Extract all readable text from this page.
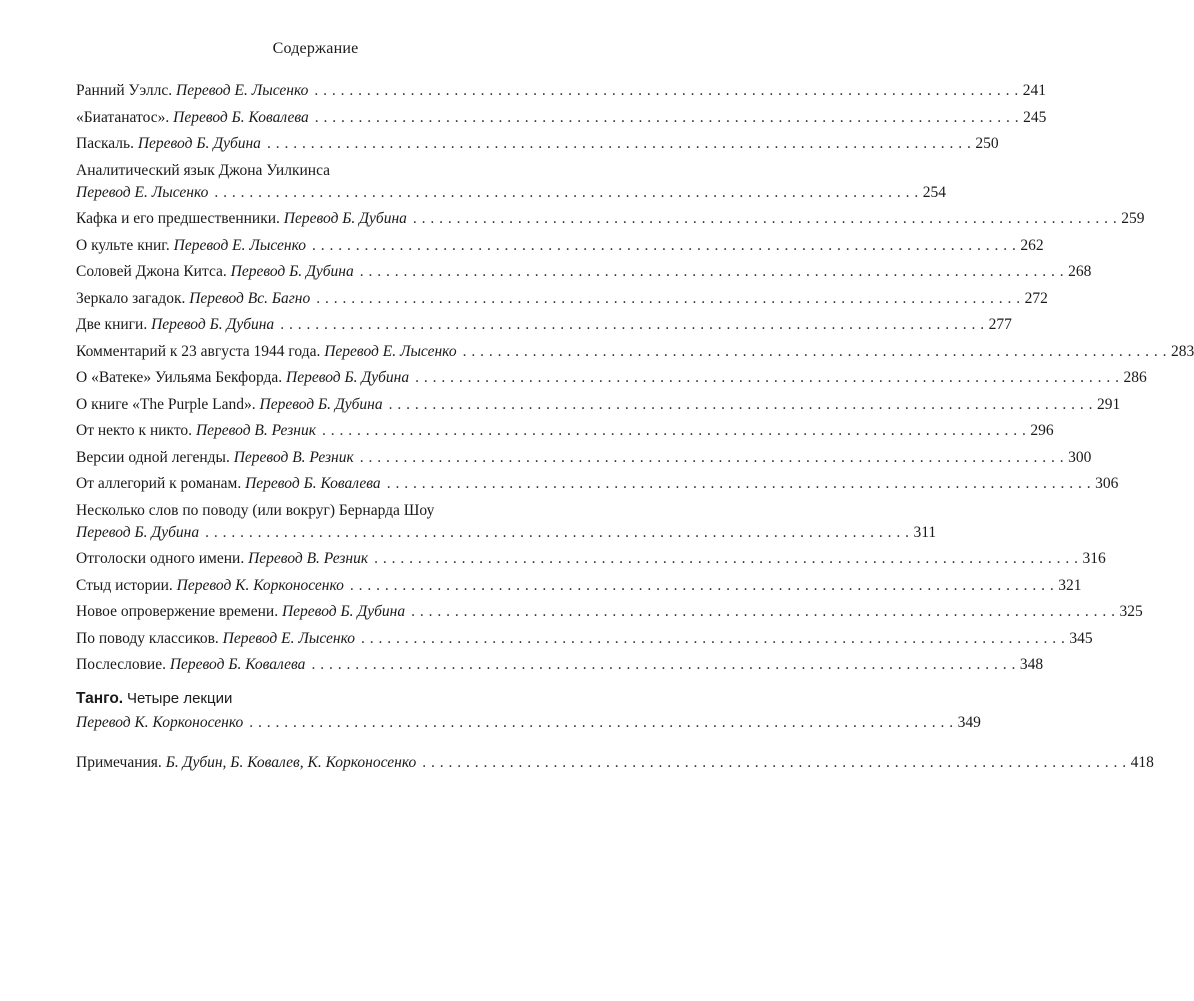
Содержание
Ранний Уэллс. Перевод Е. Лысенко . . .	241
«Биатанатос». Перевод Б. Ковалева . . .	245
Паскаль. Перевод Б. Дубина . . .	250
Аналитический язык Джона Уилкинса
Перевод Е. Лысенко . . .	254
Кафка и его предшественники. Перевод Б. Дубина . . .	259
О культе книг. Перевод Е. Лысенко . . .	262
Соловей Джона Китса. Перевод Б. Дубина . . .	268
Зеркало загадок. Перевод Вс. Багно . . .	272
Две книги. Перевод Б. Дубина . . .	277
Комментарий к 23 августа 1944 года. Перевод Е. Лысенко . . .	283
О «Ватеке» Уильяма Бекфорда. Перевод Б. Дубина . . .	286
О книге «The Purple Land». Перевод Б. Дубина . . .	291
От некто к никто. Перевод В. Резник . . .	296
Версии одной легенды. Перевод В. Резник . . .	300
От аллегорий к романам. Перевод Б. Ковалева . . .	306
Несколько слов по поводу (или вокруг) Бернарда Шоу
Перевод Б. Дубина . . .	311
Отголоски одного имени. Перевод В. Резник . . .	316
Стыд истории. Перевод К. Корконосенко . . .	321
Новое опровержение времени. Перевод Б. Дубина . . .	325
По поводу классиков. Перевод Е. Лысенко . . .	345
Послесловие. Перевод Б. Ковалева . . .	348
Танго. Четыре лекции
Перевод К. Корконосенко . . .	349
Примечания. Б. Дубин, Б. Ковалев, К. Корконосенко . . .	418
